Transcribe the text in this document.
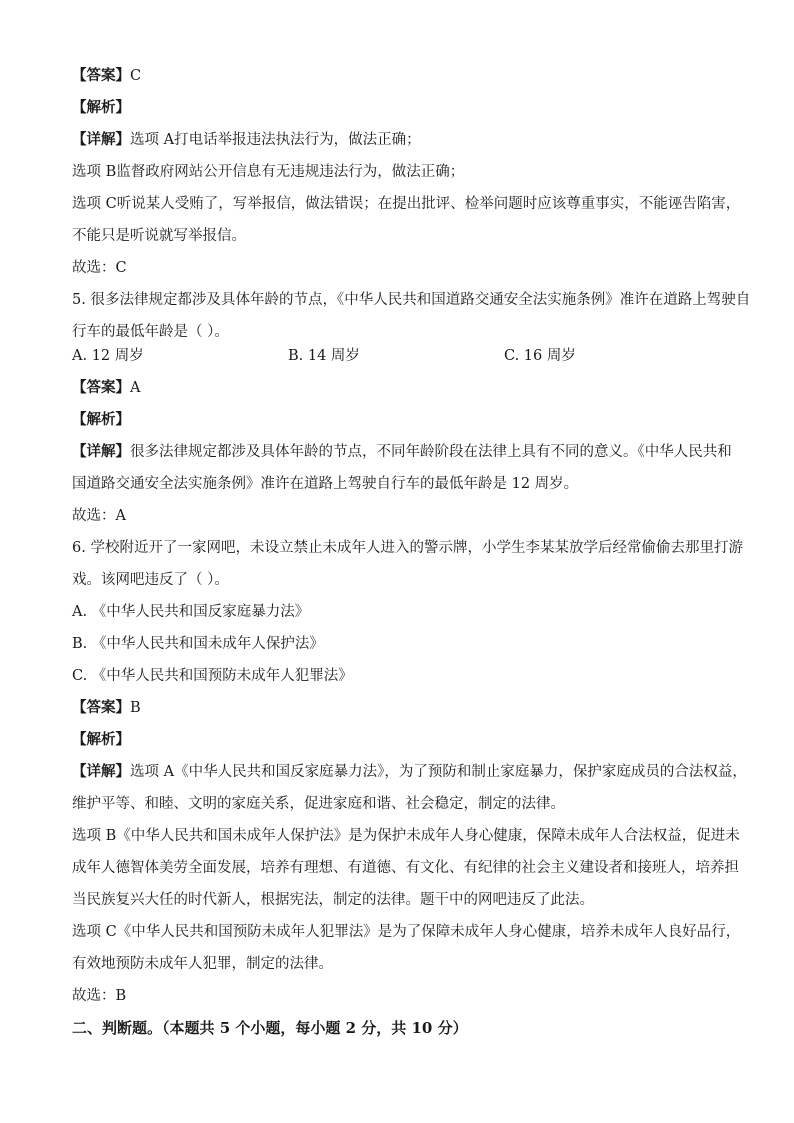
【答案】C
【解析】
【详解】选项 A打电话举报违法执法行为，做法正确；
选项 B监督政府网站公开信息有无违规违法行为，做法正确；
选项 C听说某人受贿了，写举报信，做法错误；在提出批评、检举问题时应该尊重事实，不能诬告陷害，
不能只是听说就写举报信。
故选：C
5. 很多法律规定都涉及具体年龄的节点，《中华人民共和国道路交通安全法实施条例》准许在道路上驾驶自
行车的最低年龄是（ ）。
A. 12 周岁	B. 14 周岁	C. 16 周岁
【答案】A
【解析】
【详解】很多法律规定都涉及具体年龄的节点，不同年龄阶段在法律上具有不同的意义。《中华人民共和
国道路交通安全法实施条例》准许在道路上驾驶自行车的最低年龄是 12 周岁。
故选：A
6. 学校附近开了一家网吧，未设立禁止未成年人进入的警示牌，小学生李某某放学后经常偷偷去那里打游
戏。该网吧违反了（ ）。
A. 《中华人民共和国反家庭暴力法》
B. 《中华人民共和国未成年人保护法》
C. 《中华人民共和国预防未成年人犯罪法》
【答案】B
【解析】
【详解】选项 A《中华人民共和国反家庭暴力法》，为了预防和制止家庭暴力，保护家庭成员的合法权益，
维护平等、和睦、文明的家庭关系，促进家庭和谐、社会稳定，制定的法律。
选项 B《中华人民共和国未成年人保护法》是为保护未成年人身心健康，保障未成年人合法权益，促进未
成年人德智体美劳全面发展，培养有理想、有道德、有文化、有纪律的社会主义建设者和接班人，培养担
当民族复兴大任的时代新人，根据宪法，制定的法律。题干中的网吧违反了此法。
选项 C《中华人民共和国预防未成年人犯罪法》是为了保障未成年人身心健康，培养未成年人良好品行，
有效地预防未成年人犯罪，制定的法律。
故选：B
二、判断题。（本题共 5 个小题，每小题 2 分，共 10 分）
